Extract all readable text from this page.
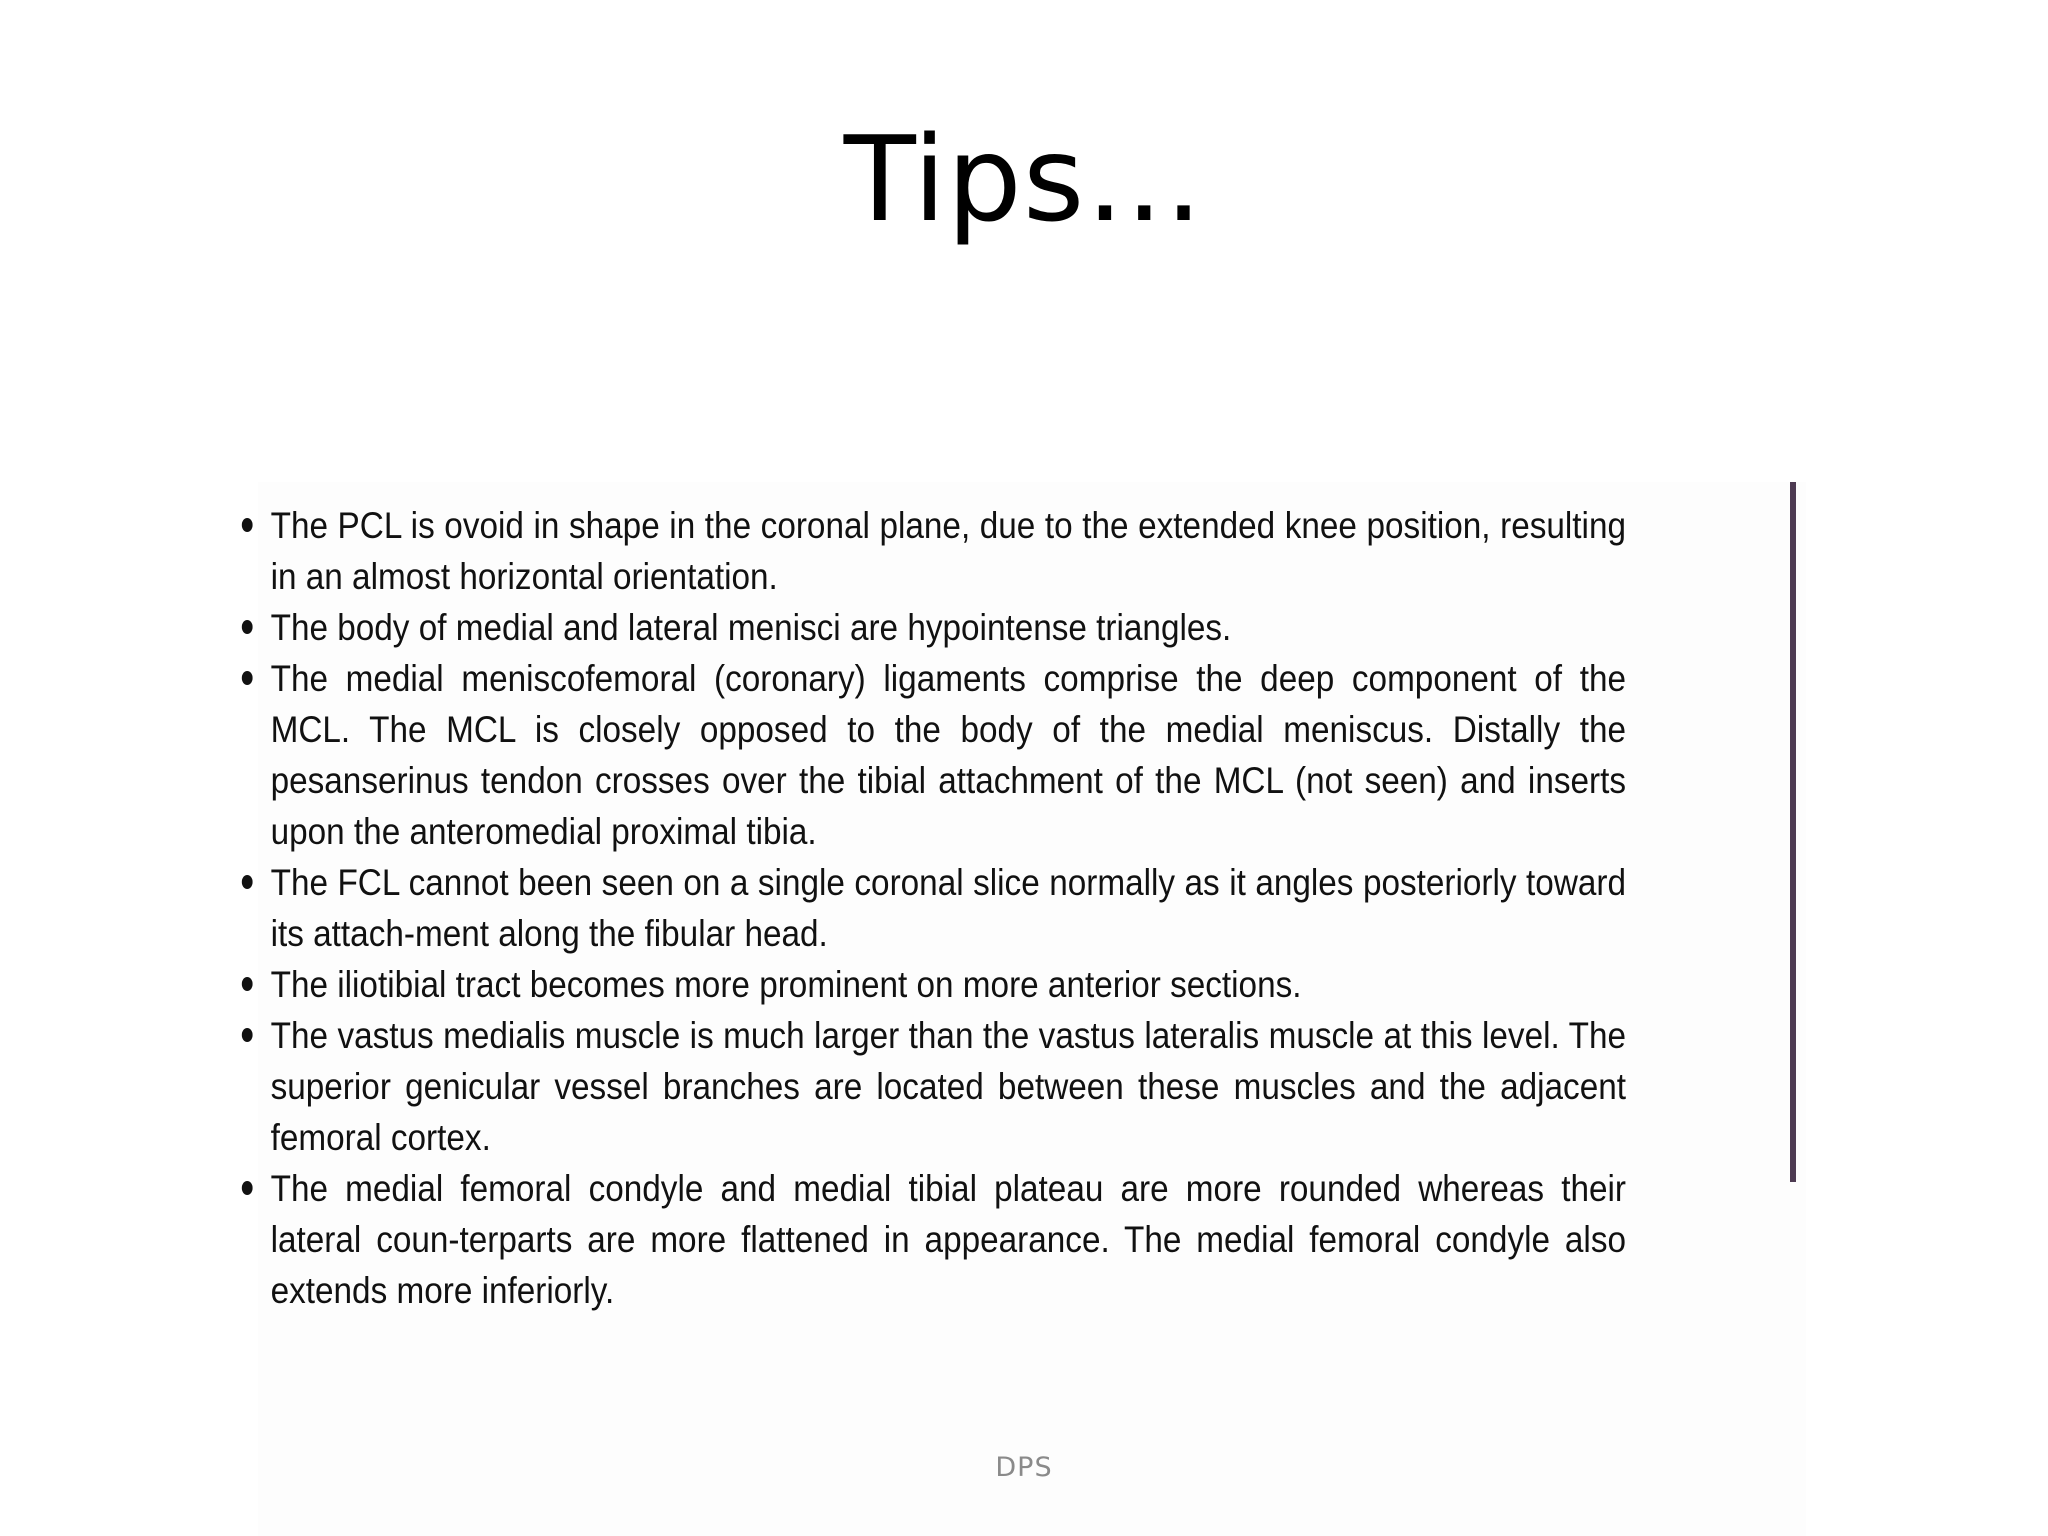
Tips…
The PCL is ovoid in shape in the coronal plane, due to the extended knee position, resulting in an almost horizontal orientation.
The body of medial and lateral menisci are hypointense triangles.
The medial meniscofemoral (coronary) ligaments comprise the deep component of the MCL. The MCL is closely opposed to the body of the medial meniscus. Distally the pesanserinus tendon crosses over the tibial attachment of the MCL (not seen) and inserts upon the anteromedial proximal tibia.
The FCL cannot been seen on a single coronal slice normally as it angles posteriorly toward its attach-ment along the fibular head.
The iliotibial tract becomes more prominent on more anterior sections.
The vastus medialis muscle is much larger than the vastus lateralis muscle at this level. The superior genicular vessel branches are located between these muscles and the adjacent femoral cortex.
The medial femoral condyle and medial tibial plateau are more rounded whereas their lateral coun-terparts are more flattened in appearance. The medial femoral condyle also extends more inferiorly.
DPS
